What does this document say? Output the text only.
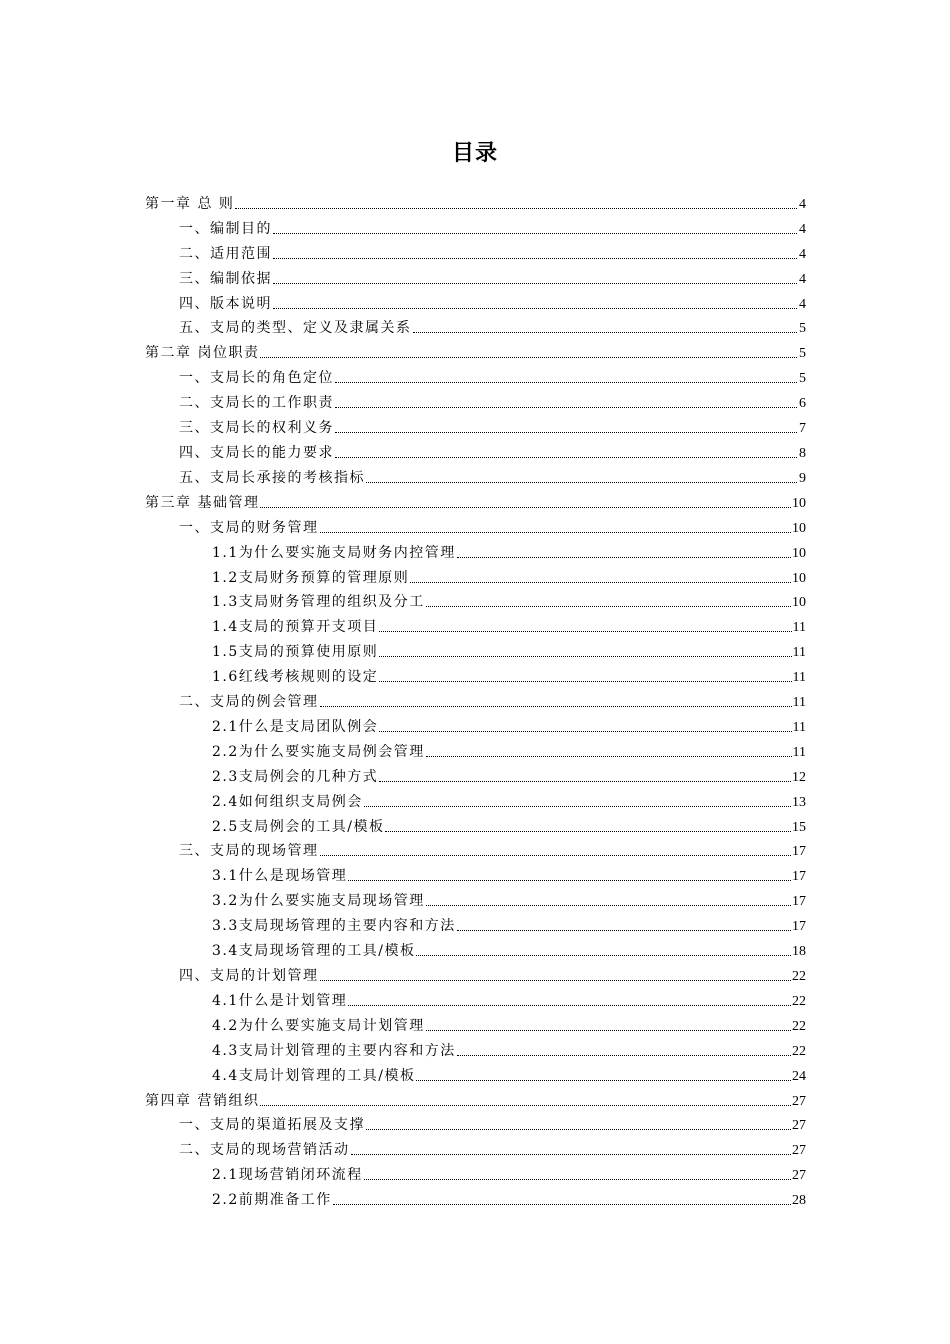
目录
第一章 总 则	4
一、编制目的	4
二、适用范围	4
三、编制依据	4
四、版本说明	4
五、支局的类型、定义及隶属关系	5
第二章 岗位职责	5
一、支局长的角色定位	5
二、支局长的工作职责	6
三、支局长的权利义务	7
四、支局长的能力要求	8
五、支局长承接的考核指标	9
第三章 基础管理	10
一、支局的财务管理	10
1.1为什么要实施支局财务内控管理	10
1.2支局财务预算的管理原则	10
1.3支局财务管理的组织及分工	10
1.4支局的预算开支项目	11
1.5支局的预算使用原则	11
1.6红线考核规则的设定	11
二、支局的例会管理	11
2.1什么是支局团队例会	11
2.2为什么要实施支局例会管理	11
2.3支局例会的几种方式	12
2.4如何组织支局例会	13
2.5支局例会的工具/模板	15
三、支局的现场管理	17
3.1什么是现场管理	17
3.2为什么要实施支局现场管理	17
3.3支局现场管理的主要内容和方法	17
3.4支局现场管理的工具/模板	18
四、支局的计划管理	22
4.1什么是计划管理	22
4.2为什么要实施支局计划管理	22
4.3支局计划管理的主要内容和方法	22
4.4支局计划管理的工具/模板	24
第四章 营销组织	27
一、支局的渠道拓展及支撑	27
二、支局的现场营销活动	27
2.1现场营销闭环流程	27
2.2前期准备工作	28
